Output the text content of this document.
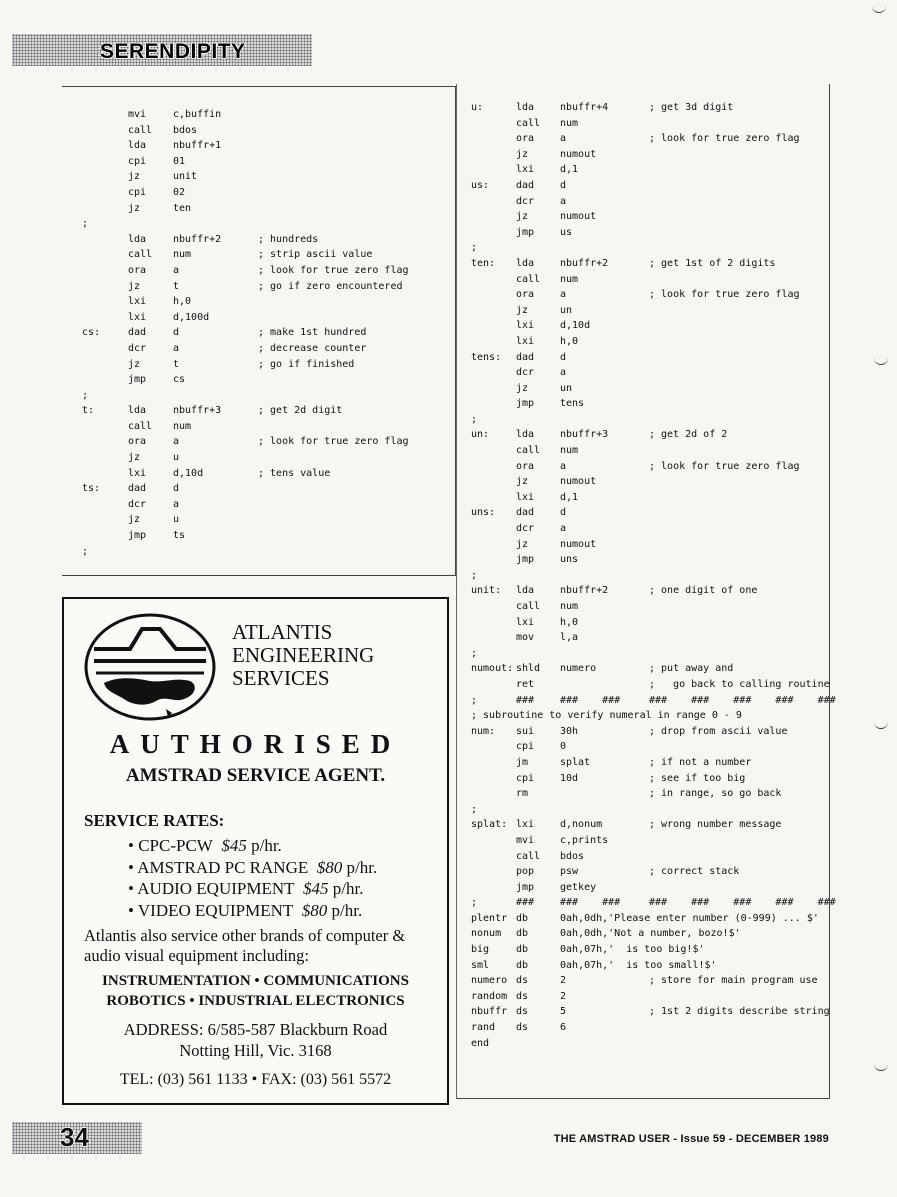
SERENDIPITY
mvi	c,buffin
call bdos
lda	nbuffr+1
cpi	01
jz	unit
cpi	02
jz	ten
;
lda	nbuffr+2	; hundreds
call num	; strip ascii value
ora	a	; look for true zero flag
jz	t	; go if zero encountered
lxi	h,0
lxi	d,100d
cs:	dad	d	; make 1st hundred
dcr	a	; decrease counter
jz	t	; go if finished
jmp	cs
;
t:	lda	nbuffr+3	; get 2d digit
call num
ora	a	; look for true zero flag
jz	u
lxi	d,10d	; tens value
ts:	dad	d
dcr	a
jz	u
jmp	ts
;
u:	lda	nbuffr+4	; get 3d digit
call num
ora	a	; look for true zero flag
jz	numout
lxi	d,1
us:	dad	d
dcr	a
jz	numout
jmp	us
;
ten: lda	nbuffr+2	; get 1st of 2 digits
call num
ora	a	; look for true zero flag
jz	un
lxi	d,10d
lxi	h,0
tens: dad	d
dcr	a
jz	un
jmp	tens
;
un:	lda	nbuffr+3	; get 2d of 2
call num
ora	a	; look for true zero flag
jz	numout
lxi	d,1
uns: dad	d
dcr	a
jz	numout
jmp	uns
;
unit: lda	nbuffr+2	; one digit of one
call num
lxi	h,0
mov	l,a
;
numout: shld numero	; put away and
ret	;   go back to calling routine
;	###	###    ###	###    ###    ###    ###    ###
; subroutine to verify numeral in range 0 - 9
num: sui	30h	; drop from ascii value
cpi	0
jm	splat	; if not a number
cpi	10d	; see if too big
rm	; in range, so go back
;
splat: lxi	d,nonum	; wrong number message
mvi	c,prints
call bdos
pop	psw	; correct stack
jmp	getkey
;	###	###    ###	###    ###    ###    ###    ###
plentr db	0ah,0dh,'Please enter number (0-999) ... $'
nonum db	0ah,0dh,'Not a number, bozo!$'
big	db	0ah,07h,'  is too big!$'
sml	db	0ah,07h,'  is too small!$'
numero ds	2	; store for main program use
random ds	2
nbuffr ds	5	; 1st 2 digits describe string
rand ds	6
end
ATLANTIS
ENGINEERING
SERVICES
AUTHORISED
AMSTRAD SERVICE AGENT.
SERVICE RATES:
• CPC-PCW $45 p/hr.
• AMSTRAD PC RANGE $80 p/hr.
• AUDIO EQUIPMENT $45 p/hr.
• VIDEO EQUIPMENT $80 p/hr.
Atlantis also service other brands of computer & audio visual equipment including:
INSTRUMENTATION • COMMUNICATIONS
ROBOTICS • INDUSTRIAL ELECTRONICS
ADDRESS: 6/585-587 Blackburn Road
Notting Hill, Vic. 3168
TEL: (03) 561 1133 • FAX: (03) 561 5572
34	THE AMSTRAD USER - Issue 59 - DECEMBER 1989
